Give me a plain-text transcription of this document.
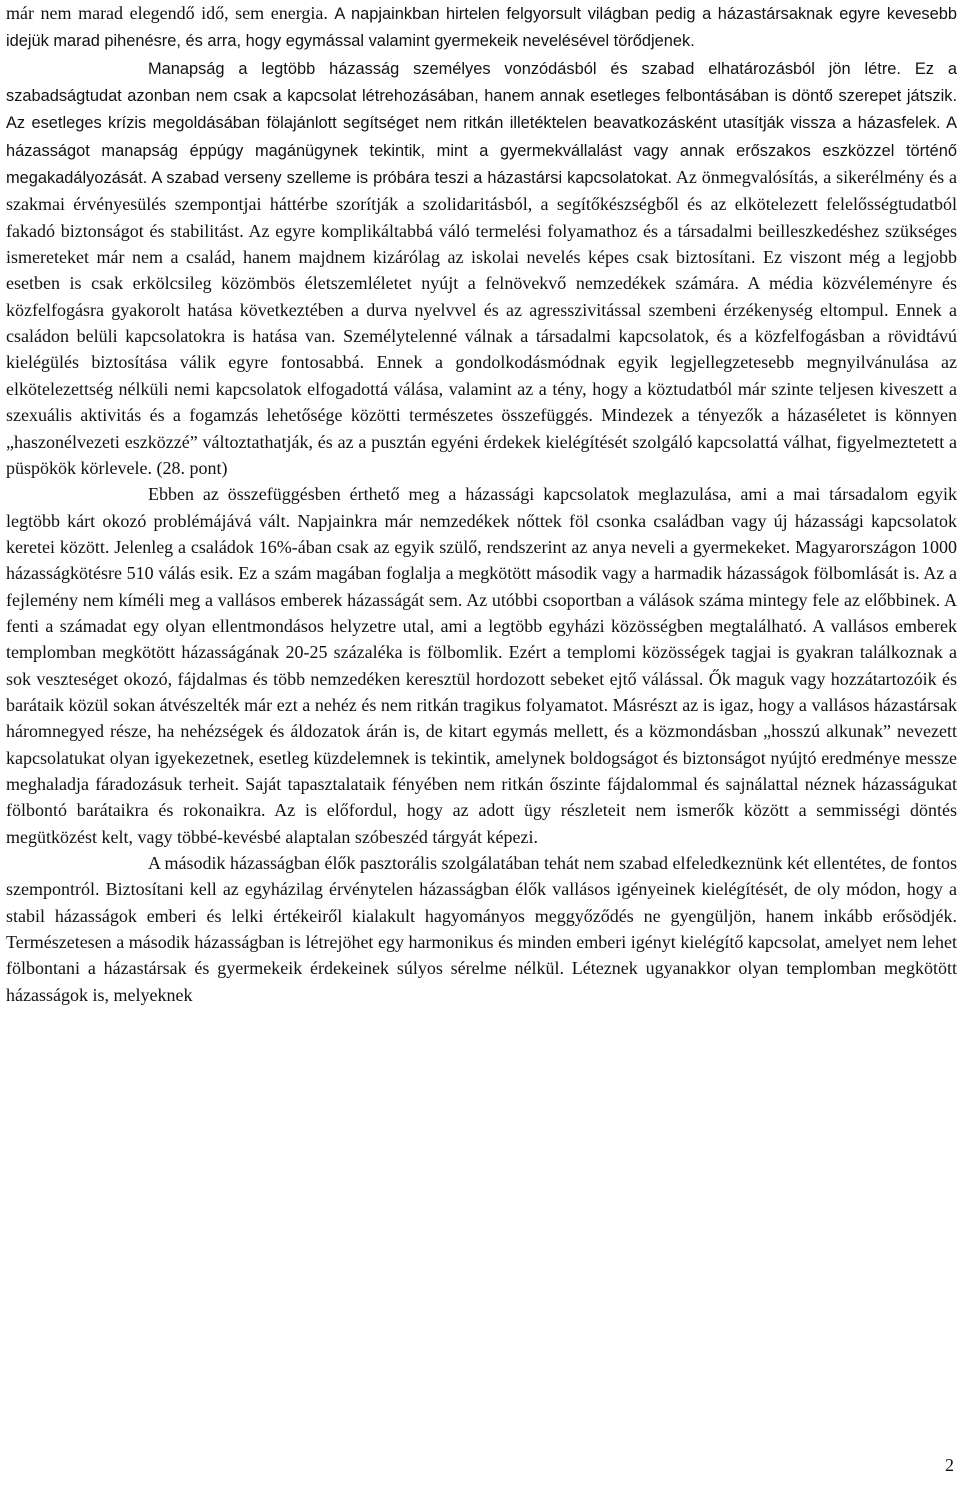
már nem marad elegendő idő, sem energia. A napjainkban hirtelen felgyorsult világban pedig a házastársaknak egyre kevesebb idejük marad pihenésre, és arra, hogy egymással valamint gyermekeik nevelésével törődjenek.

Manapság a legtöbb házasság személyes vonzódásból és szabad elhatározásból jön létre. Ez a szabadságtudat azonban nem csak a kapcsolat létrehozásában, hanem annak esetleges felbontásában is döntő szerepet játszik. Az esetleges krízis megoldásában fölajánlott segítséget nem ritkán illetéktelen beavatkozásként utasítják vissza a házasfelek. A házasságot manapság éppúgy magánügynek tekintik, mint a gyermekvállalást vagy annak erőszakos eszközzel történő megakadályozását. A szabad verseny szelleme is próbára teszi a házastársi kapcsolatokat. Az önmegvalósítás, a sikerélmény és a szakmai érvényesülés szempontjai háttérbe szorítják a szolidaritásból, a segítőkészségből és az elkötelezett felelősségtudatból fakadó biztonságot és stabilitást. Az egyre komplikáltabbá váló termelési folyamathoz és a társadalmi beilleszkedéshez szükséges ismereteket már nem a család, hanem majdnem kizárólag az iskolai nevelés képes csak biztosítani. Ez viszont még a legjobb esetben is csak erkölcsileg közömbös életszemléletet nyújt a felnövekvő nemzedékek számára. A média közvéleményre és közfelfogásra gyakorolt hatása következtében a durva nyelvvel és az agresszivitással szembeni érzékenység eltompul. Ennek a családon belüli kapcsolatokra is hatása van. Személytelenné válnak a társadalmi kapcsolatok, és a közfelfogásban a rövidtávú kielégülés biztosítása válik egyre fontosabbá. Ennek a gondolkodásmódnak egyik legjellegzetesebb megnyilvánulása az elkötelezettség nélküli nemi kapcsolatok elfogadottá válása, valamint az a tény, hogy a köztudatból már szinte teljesen kiveszett a szexuális aktivitás és a fogamzás lehetősége közötti természetes összefüggés. Mindezek a tényezők a házaséletet is könnyen „haszonélvezeti eszközzé” változtathatják, és az a pusztán egyéni érdekek kielégítését szolgáló kapcsolattá válhat, figyelmeztetett a püspökök körlevele. (28. pont)

Ebben az összefüggésben érthető meg a házassági kapcsolatok meglazulása, ami a mai társadalom egyik legtöbb kárt okozó problémájává vált. Napjainkra már nemzedékek nőttek föl csonka családban vagy új házassági kapcsolatok keretei között. Jelenleg a családok 16%-ában csak az egyik szülő, rendszerint az anya neveli a gyermekeket. Magyarországon 1000 házasságkötésre 510 válás esik. Ez a szám magában foglalja a megkötött második vagy a harmadik házasságok fölbomlását is. Az a fejlemény nem kíméli meg a vallásos emberek házasságát sem. Az utóbbi csoportban a válások száma mintegy fele az előbbinek. A fenti a számadat egy olyan ellentmondásos helyzetre utal, ami a legtöbb egyházi közösségben megtalálható. A vallásos emberek templomban megkötött házasságának 20-25 százaléka is fölbomlik. Ezért a templomi közösségek tagjai is gyakran találkoznak a sok veszteséget okozó, fájdalmas és több nemzedéken keresztül hordozott sebeket ejtő válással. Ők maguk vagy hozzátartozóik és barátaik közül sokan átvészelték már ezt a nehéz és nem ritkán tragikus folyamatot. Másrészt az is igaz, hogy a vallásos házastársak háromnegyed része, ha nehézségek és áldozatok árán is, de kitart egymás mellett, és a közmondásban „hosszú alkunak” nevezett kapcsolatukat olyan igyekezetnek, esetleg küzdelemnek is tekintik, amelynek boldogságot és biztonságot nyújtó eredménye messze meghaladja fáradozásuk terheit. Saját tapasztalataik fényében nem ritkán őszinte fájdalommal és sajnálattal néznek házasságukat fölbontó barátaikra és rokonaikra. Az is előfordul, hogy az adott ügy részleteit nem ismerők között a semmisségi döntés megütközést kelt, vagy többé-kevésbé alaptalan szóbeszéd tárgyát képezi.

A második házasságban élők pasztorális szolgálatában tehát nem szabad elfeledkeznünk két ellentétes, de fontos szempontról. Biztosítani kell az egyházilag érvénytelen házasságban élők vallásos igényeinek kielégítését, de oly módon, hogy a stabil házasságok emberi és lelki értékeiről kialakult hagyományos meggyőződés ne gyengüljön, hanem inkább erősödjék. Természetesen a második házasságban is létrejöhet egy harmonikus és minden emberi igényt kielégítő kapcsolat, amelyet nem lehet fölbontani a házastársak és gyermekeik érdekeinek súlyos sérelme nélkül. Léteznek ugyanakkor olyan templomban megkötött házasságok is, melyeknek

2
